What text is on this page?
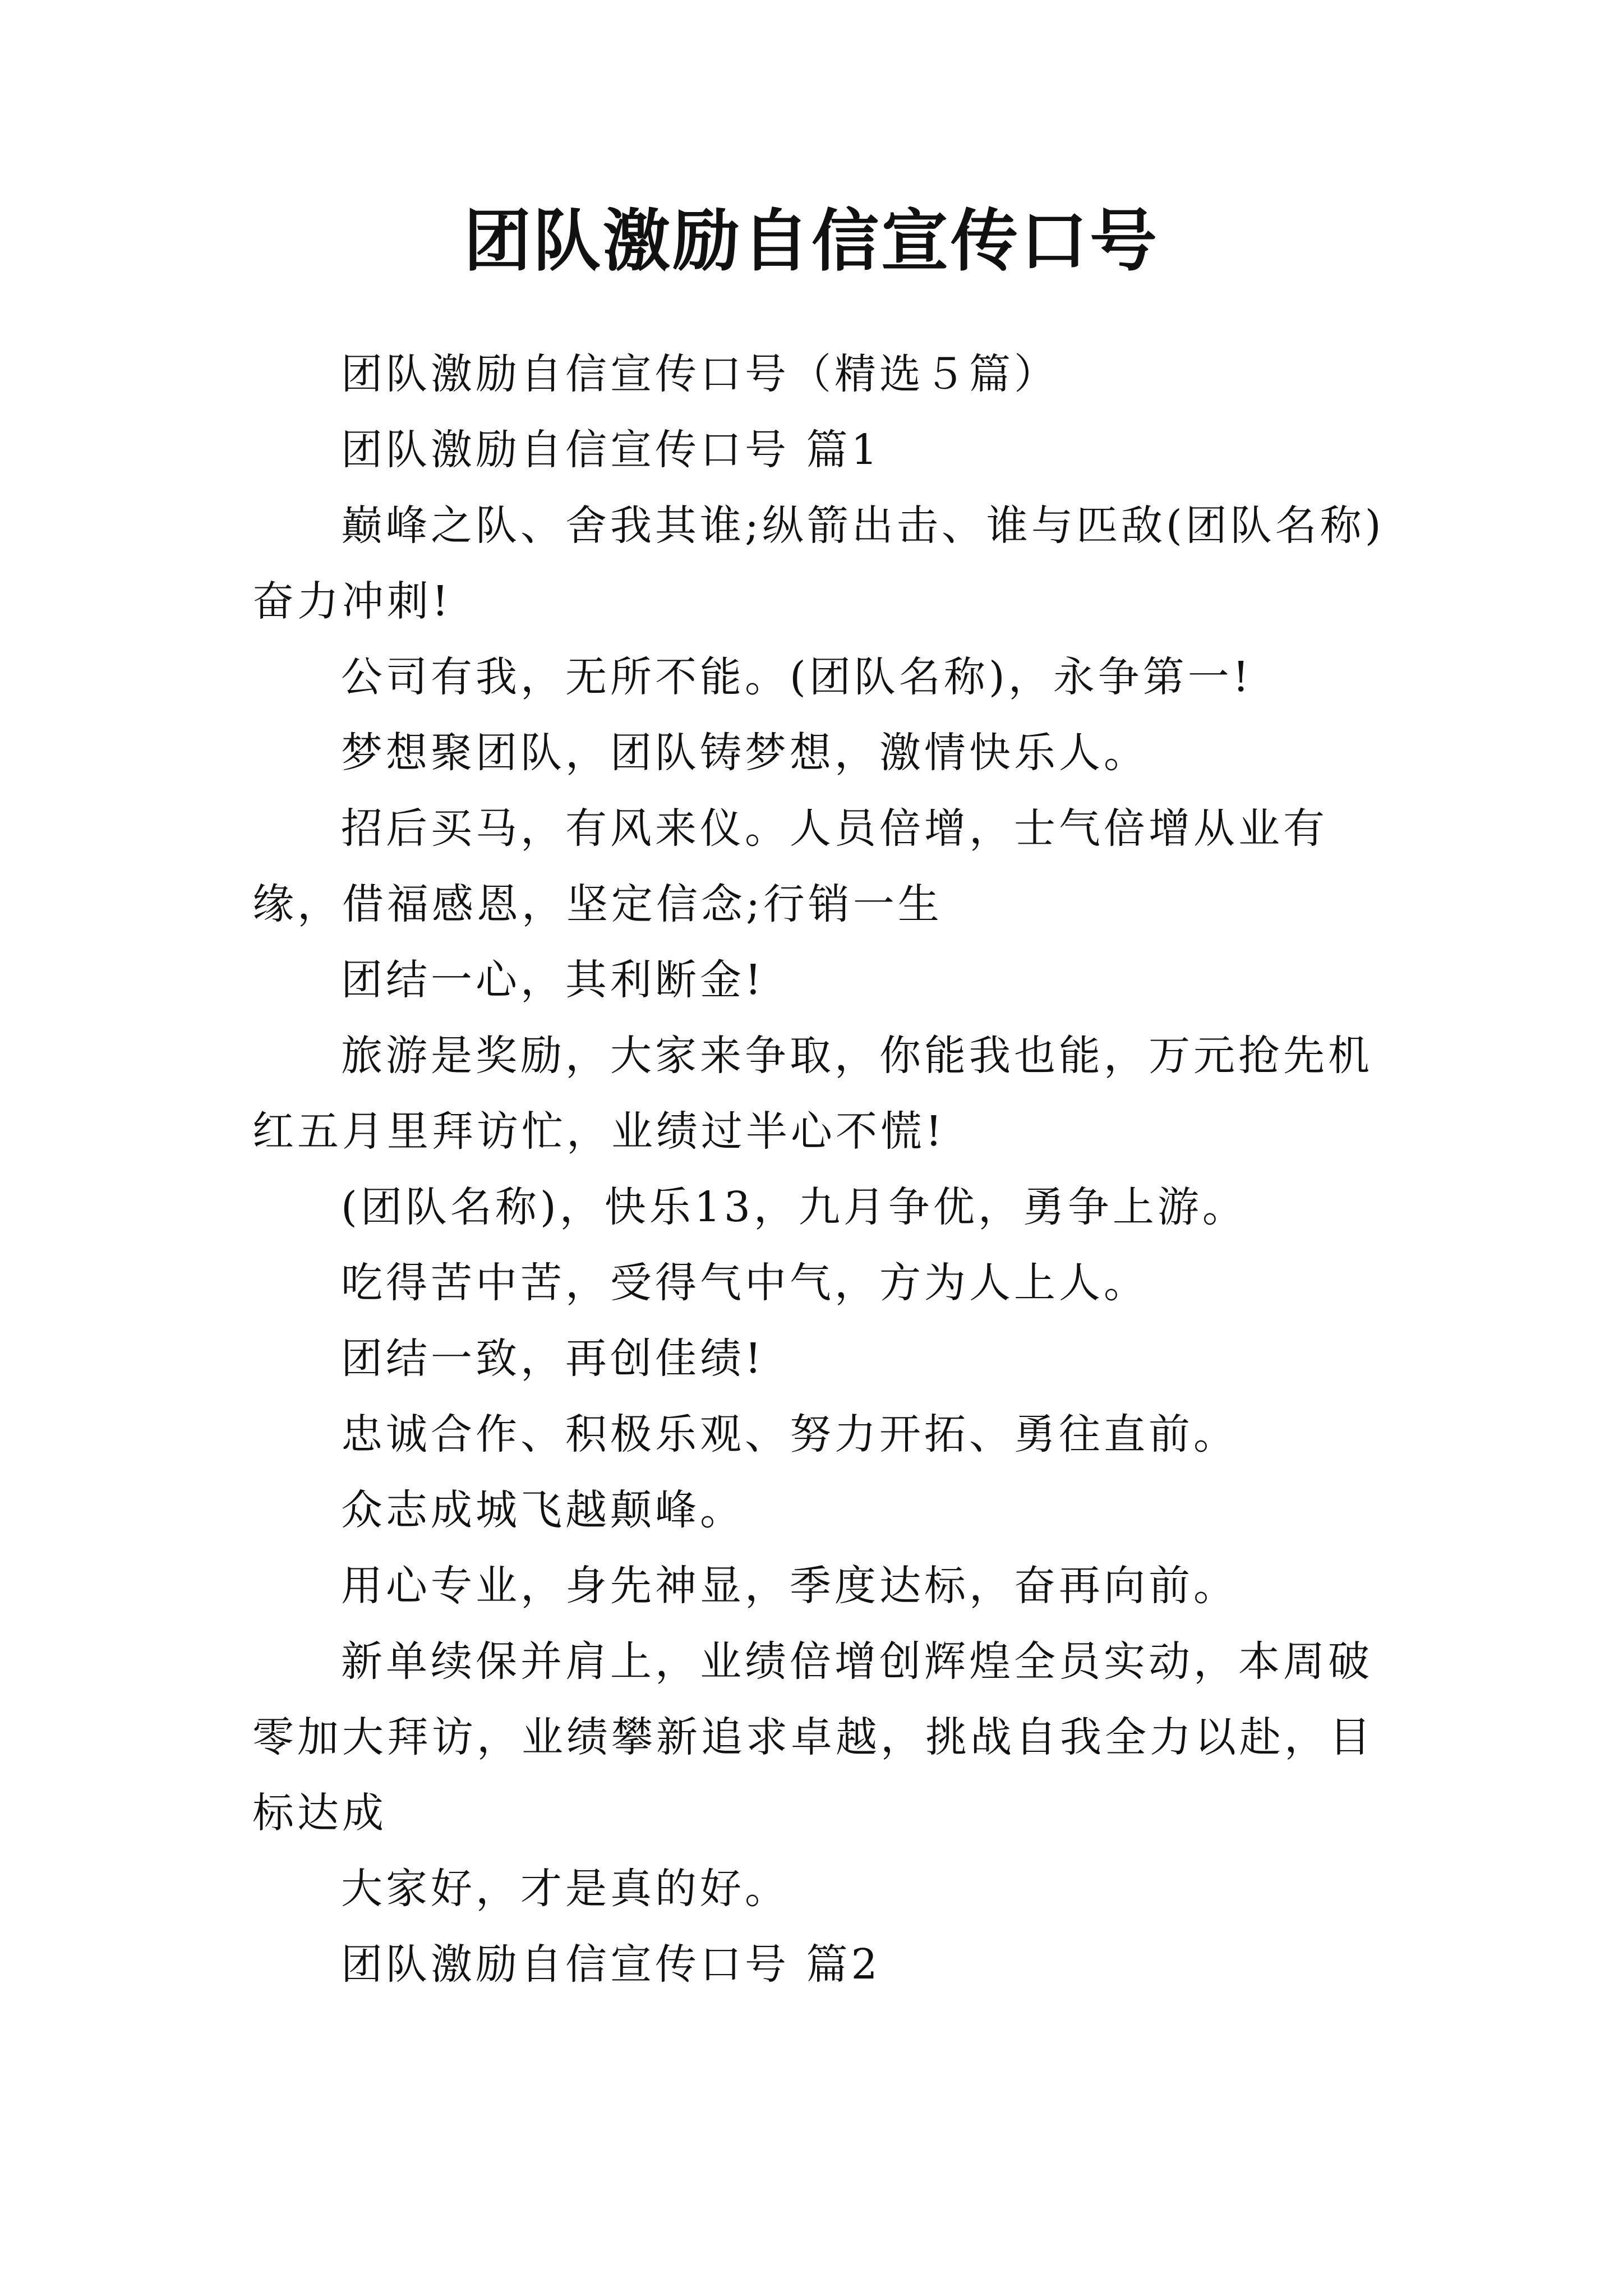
团队激励自信宣传口号

团队激励自信宣传口号（精选５篇）

团队激励自信宣传口号 篇1

巅峰之队、舍我其谁;纵箭出击、谁与匹敌(团队名称)奋力冲刺!

公司有我，无所不能。(团队名称)，永争第一!

梦想聚团队，团队铸梦想，激情快乐人。

招后买马，有风来仪。人员倍增，士气倍增从业有缘，借福感恩，坚定信念;行销一生

团结一心，其利断金!

旅游是奖励，大家来争取，你能我也能，万元抢先机红五月里拜访忙，业绩过半心不慌!

(团队名称)，快乐13，九月争优，勇争上游。

吃得苦中苦，受得气中气，方为人上人。

团结一致，再创佳绩!

忠诚合作、积极乐观、努力开拓、勇往直前。

众志成城飞越颠峰。

用心专业，身先神显，季度达标，奋再向前。

新单续保并肩上，业绩倍增创辉煌全员实动，本周破零加大拜访，业绩攀新追求卓越，挑战自我全力以赴，目标达成

大家好，才是真的好。

团队激励自信宣传口号 篇2
